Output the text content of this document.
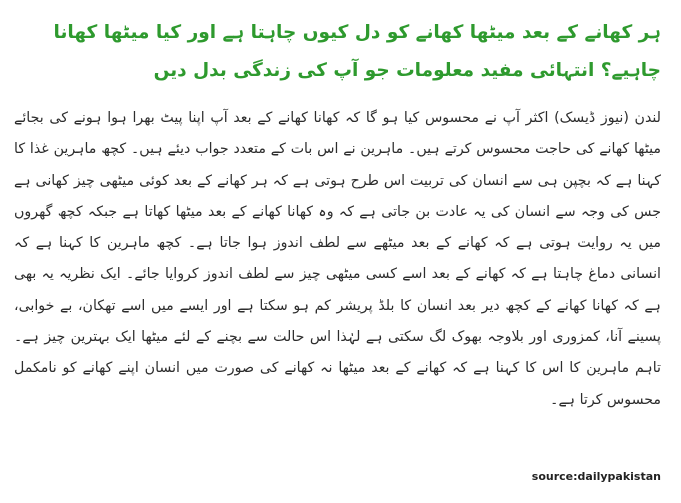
ہر کھانے کے بعد میٹھا کھانے کو دل کیوں چاہتا ہے اور کیا میٹھا کھانا چاہیے؟ انتہائی مفید معلومات جو آپ کی زندگی بدل دیں

لندن (نیوز ڈیسک) اکثر آپ نے محسوس کیا ہو گا کہ کھانا کھانے کے بعد آپ اپنا پیٹ بھرا ہوا ہونے کی بجائے میٹھا کھانے کی حاجت محسوس کرتے ہیں۔ ماہرین نے اس بات کے متعدد جواب دیئے ہیں۔ کچھ ماہرین غذا کا کہنا ہے کہ بچپن ہی سے انسان کی تربیت اس طرح ہوتی ہے کہ ہر کھانے کے بعد کوئی میٹھی چیز کھانی ہے جس کی وجہ سے انسان کی یہ عادت بن جاتی ہے کہ وہ کھانا کھانے کے بعد میٹھا کھاتا ہے جبکہ کچھ گھروں میں یہ روایت ہوتی ہے کہ کھانے کے بعد میٹھے سے لطف اندوز ہوا جاتا ہے۔ کچھ ماہرین کا کہنا ہے کہ انسانی دماغ چاہتا ہے کہ کھانے کے بعد اسے کسی میٹھی چیز سے لطف اندوز کروایا جائے۔ ایک نظریہ یہ بھی ہے کہ کھانا کھانے کے کچھ دیر بعد انسان کا بلڈ پریشر کم ہو سکتا ہے اور ایسے میں اسے تھکان، بے خوابی، پسینے آنا، کمزوری اور بلاوجہ بھوک لگ سکتی ہے لہٰذا اس حالت سے بچنے کے لئے میٹھا ایک بہترین چیز ہے۔ تاہم ماہرین کا اس کا کہنا ہے کہ کھانے کے بعد میٹھا نہ کھانے کی صورت میں انسان اپنے کھانے کو نامکمل محسوس کرتا ہے۔

source:dailypakistan
